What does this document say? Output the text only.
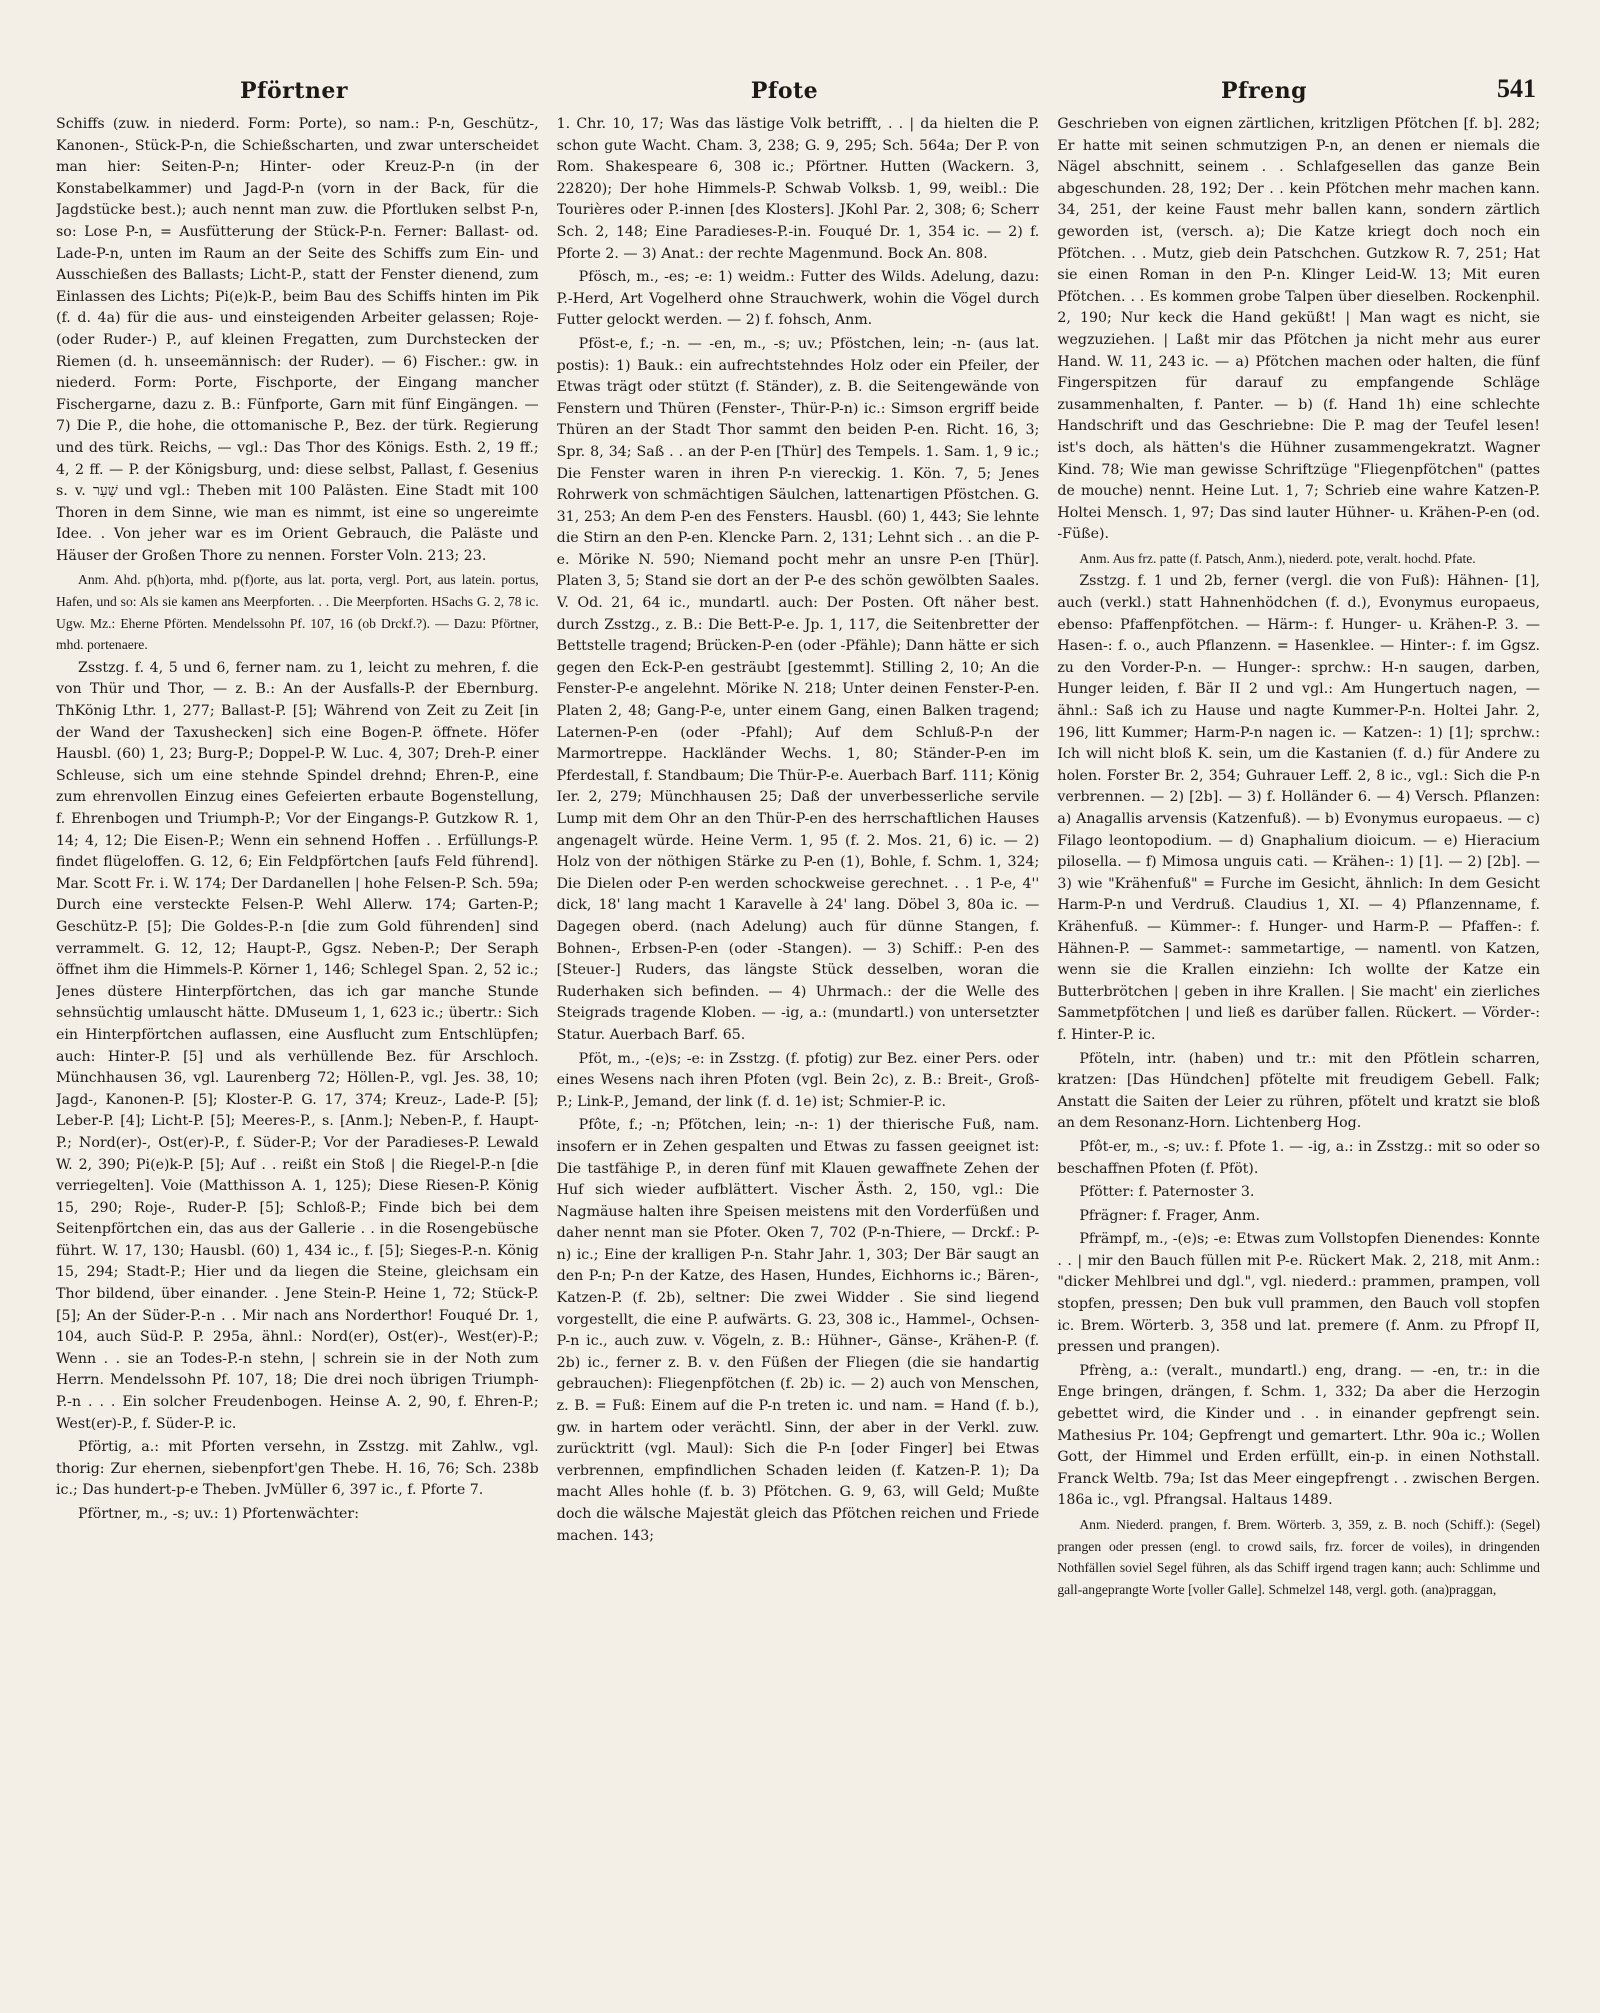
Pförtner	Pfote	Pfreng	541

Schiffs (zuw. in niederd. Form: Porte), so nam.: P-n, Geschütz-, Kanonen-, Stück-P-n, die Schießscharten, und zwar unterscheidet man hier: Seiten-P-n; Hinter- oder Kreuz-P-n (in der Konstabelkammer) und Jagd-P-n (vorn in der Back, für die Jagdstücke best.); auch nennt man zuw. die Pfortluken selbst P-n, so: Lose P-n, = Ausfütterung der Stück-P-n. Ferner: Ballast- od. Lade-P-n, unten im Raum an der Seite des Schiffs zum Ein- und Ausschießen des Ballasts; Licht-P., statt der Fenster dienend, zum Einlassen des Lichts; Pi(e)k-P., beim Bau des Schiffs hinten im Pik (f. d. 4a) für die aus- und einsteigenden Arbeiter gelassen; Roje- (oder Ruder-) P., auf kleinen Fregatten, zum Durchstecken der Riemen (d. h. unseemännisch: der Ruder). — 6) Fischer.: gw. in niederd. Form: Porte, Fischporte, der Eingang mancher Fischergarne, dazu z. B.: Fünfporte, Garn mit fünf Eingängen. — 7) Die P., die hohe, die ottomanische P., Bez. der türk. Regierung und des türk. Reichs, — vgl.: Das Thor des Königs. Esth. 2, 19 ff.; 4, 2 ff. — P. der Königsburg, und: diese selbst, Pallast, f. Gesenius s. v. שַׁעַר und vgl.: Theben mit 100 Palästen. Eine Stadt mit 100 Thoren in dem Sinne, wie man es nimmt, ist eine so ungereimte Idee. . Von jeher war es im Orient Gebrauch, die Paläste und Häuser der Großen Thore zu nennen. Forster Voln. 213; 23.

Anm. Ahd. p(h)orta, mhd. p(f)orte, aus lat. porta, vergl. Port, aus latein. portus, Hafen, und so: Als sie kamen ans Meerpforten. . . Die Meerpforten. HSachs G. 2, 78 ic. Ugw. Mz.: Eherne Pförten. Mendelssohn Pf. 107, 16 (ob Drckf.?). — Dazu: Pförtner, mhd. portenaere.

Zsstzg. f. 4, 5 und 6, ferner nam. zu 1, leicht zu mehren, f. die von Thür und Thor, — z. B.: An der Ausfalls-P. der Ebernburg. ThKönig Lthr. 1, 277; Ballast-P. [5]; Während von Zeit zu Zeit [in der Wand der Taxushecken] sich eine Bogen-P. öffnete. Höfer Hausbl. (60) 1, 23; Burg-P.; Doppel-P. W. Luc. 4, 307; Dreh-P. einer Schleuse, sich um eine stehnde Spindel drehnd; Ehren-P., eine zum ehrenvollen Einzug eines Gefeierten erbaute Bogenstellung, f. Ehrenbogen und Triumph-P.; Vor der Eingangs-P. Gutzkow R. 1, 14; 4, 12; Die Eisen-P.; Wenn ein sehnend Hoffen . . Erfüllungs-P. findet flügeloffen. G. 12, 6; Ein Feldpförtchen [aufs Feld führend]. Mar. Scott Fr. i. W. 174; Der Dardanellen | hohe Felsen-P. Sch. 59a; Durch eine versteckte Felsen-P. Wehl Allerw. 174; Garten-P.; Geschütz-P. [5]; Die Goldes-P.-n [die zum Gold führenden] sind verrammelt. G. 12, 12; Haupt-P., Ggsz. Neben-P.; Der Seraph öffnet ihm die Himmels-P. Körner 1, 146; Schlegel Span. 2, 52 ic.; Jenes düstere Hinterpförtchen, das ich gar manche Stunde sehnsüchtig umlauscht hätte. DMuseum 1, 1, 623 ic.; übertr.: Sich ein Hinterpförtchen auflassen, eine Ausflucht zum Entschlüpfen; auch: Hinter-P. [5] und als verhüllende Bez. für Arschloch. Münchhausen 36, vgl. Laurenberg 72; Höllen-P., vgl. Jes. 38, 10; Jagd-, Kanonen-P. [5]; Kloster-P. G. 17, 374; Kreuz-, Lade-P. [5]; Leber-P. [4]; Licht-P. [5]; Meeres-P., s. [Anm.]; Neben-P., f. Haupt-P.; Nord(er)-, Ost(er)-P., f. Süder-P.; Vor der Paradieses-P. Lewald W. 2, 390; Pi(e)k-P. [5]; Auf . . reißt ein Stoß | die Riegel-P.-n [die verriegelten]. Voie (Matthisson A. 1, 125); Diese Riesen-P. König 15, 290; Roje-, Ruder-P. [5]; Schloß-P.; Finde bich bei dem Seitenpförtchen ein, das aus der Gallerie . . in die Rosengebüsche führt. W. 17, 130; Hausbl. (60) 1, 434 ic., f. [5]; Sieges-P.-n. König 15, 294; Stadt-P.; Hier und da liegen die Steine, gleichsam ein Thor bildend, über einander. . Jene Stein-P. Heine 1, 72; Stück-P. [5]; An der Süder-P.-n . . Mir nach ans Norderthor! Fouqué Dr. 1, 104, auch Süd-P. P. 295a, ähnl.: Nord(er), Ost(er)-, West(er)-P.; Wenn . . sie an Todes-P.-n stehn, | schrein sie in der Noth zum Herrn. Mendelssohn Pf. 107, 18; Die drei noch übrigen Triumph-P.-n . . . Ein solcher Freudenbogen. Heinse A. 2, 90, f. Ehren-P.; West(er)-P., f. Süder-P. ic.

Pförtig, a.: mit Pforten versehn, in Zsstzg. mit Zahlw., vgl. thorig: Zur ehernen, siebenpfort'gen Thebe. H. 16, 76; Sch. 238b ic.; Das hundert-p-e Theben. JvMüller 6, 397 ic., f. Pforte 7.

Pförtner, m., -s; uv.: 1) Pfortenwächter:

1. Chr. 10, 17; Was das lästige Volk betrifft, . . | da hielten die P. schon gute Wacht. Cham. 3, 238; G. 9, 295; Sch. 564a; Der P. von Rom. Shakespeare 6, 308 ic.; Pförtner. Hutten (Wackern. 3, 22820); Der hohe Himmels-P. Schwab Volksb. 1, 99, weibl.: Die Tourières oder P.-innen [des Klosters]. JKohl Par. 2, 308; 6; Scherr Sch. 2, 148; Eine Paradieses-P.-in. Fouqué Dr. 1, 354 ic. — 2) f. Pforte 2. — 3) Anat.: der rechte Magenmund. Bock An. 808.

Pfösch, m., -es; -e: 1) weidm.: Futter des Wilds. Adelung, dazu: P.-Herd, Art Vogelherd ohne Strauchwerk, wohin die Vögel durch Futter gelockt werden. — 2) f. fohsch, Anm.

Pföst-e, f.; -n. — -en, m., -s; uv.; Pföstchen, lein; -n- (aus lat. postis): 1) Bauk.: ein aufrechtstehndes Holz oder ein Pfeiler, der Etwas trägt oder stützt (f. Ständer), z. B. die Seitengewände von Fenstern und Thüren (Fenster-, Thür-P-n) ic.: Simson ergriff beide Thüren an der Stadt Thor sammt den beiden P-en. Richt. 16, 3; Spr. 8, 34; Saß . . an der P-en [Thür] des Tempels. 1. Sam. 1, 9 ic.; Die Fenster waren in ihren P-n viereckig. 1. Kön. 7, 5; Jenes Rohrwerk von schmächtigen Säulchen, lattenartigen Pföstchen. G. 31, 253; An dem P-en des Fensters. Hausbl. (60) 1, 443; Sie lehnte die Stirn an den P-en. Klencke Parn. 2, 131; Lehnt sich . . an die P-e. Mörike N. 590; Niemand pocht mehr an unsre P-en [Thür]. Platen 3, 5; Stand sie dort an der P-e des schön gewölbten Saales. V. Od. 21, 64 ic., mundartl. auch: Der Posten. Oft näher best. durch Zsstzg., z. B.: Die Bett-P-e. Jp. 1, 117, die Seitenbretter der Bettstelle tragend; Brücken-P-en (oder -Pfähle); Dann hätte er sich gegen den Eck-P-en gesträubt [gestemmt]. Stilling 2, 10; An die Fenster-P-e angelehnt. Mörike N. 218; Unter deinen Fenster-P-en. Platen 2, 48; Gang-P-e, unter einem Gang, einen Balken tragend; Laternen-P-en (oder -Pfahl); Auf dem Schluß-P-n der Marmortreppe. Hackländer Wechs. 1, 80; Ständer-P-en im Pferdestall, f. Standbaum; Die Thür-P-e. Auerbach Barf. 111; König Ier. 2, 279; Münchhausen 25; Daß der unverbesserliche servile Lump mit dem Ohr an den Thür-P-en des herrschaftlichen Hauses angenagelt würde. Heine Verm. 1, 95 (f. 2. Mos. 21, 6) ic. — 2) Holz von der nöthigen Stärke zu P-en (1), Bohle, f. Schm. 1, 324; Die Dielen oder P-en werden schockweise gerechnet. . . 1 P-e, 4'' dick, 18' lang macht 1 Karavelle à 24' lang. Döbel 3, 80a ic. — Dagegen oberd. (nach Adelung) auch für dünne Stangen, f. Bohnen-, Erbsen-P-en (oder -Stangen). — 3) Schiff.: P-en des [Steuer-] Ruders, das längste Stück desselben, woran die Ruderhaken sich befinden. — 4) Uhrmach.: der die Welle des Steigrads tragende Kloben. — -ig, a.: (mundartl.) von untersetzter Statur. Auerbach Barf. 65.

Pföt, m., -(e)s; -e: in Zsstzg. (f. pfotig) zur Bez. einer Pers. oder eines Wesens nach ihren Pfoten (vgl. Bein 2c), z. B.: Breit-, Groß-P.; Link-P., Jemand, der link (f. d. 1e) ist; Schmier-P. ic.

Pfôte, f.; -n; Pfötchen, lein; -n-: 1) der thierische Fuß, nam. insofern er in Zehen gespalten und Etwas zu fassen geeignet ist: Die tastfähige P., in deren fünf mit Klauen gewaffnete Zehen der Huf sich wieder aufblättert. Vischer Ästh. 2, 150, vgl.: Die Nagmäuse halten ihre Speisen meistens mit den Vorderfüßen und daher nennt man sie Pfoter. Oken 7, 702 (P-n-Thiere, — Drckf.: P-n) ic.; Eine der kralligen P-n. Stahr Jahr. 1, 303; Der Bär saugt an den P-n; P-n der Katze, des Hasen, Hundes, Eichhorns ic.; Bären-, Katzen-P. (f. 2b), seltner: Die zwei Widder . Sie sind liegend vorgestellt, die eine P. aufwärts. G. 23, 308 ic., Hammel-, Ochsen-P-n ic., auch zuw. v. Vögeln, z. B.: Hühner-, Gänse-, Krähen-P. (f. 2b) ic., ferner z. B. v. den Füßen der Fliegen (die sie handartig gebrauchen): Fliegenpfötchen (f. 2b) ic. — 2) auch von Menschen, z. B. = Fuß: Einem auf die P-n treten ic. und nam. = Hand (f. b.), gw. in hartem oder verächtl. Sinn, der aber in der Verkl. zuw. zurücktritt (vgl. Maul): Sich die P-n [oder Finger] bei Etwas verbrennen, empfindlichen Schaden leiden (f. Katzen-P. 1); Da macht Alles hohle (f. b. 3) Pfötchen. G. 9, 63, will Geld; Mußte doch die wälsche Majestät gleich das Pfötchen reichen und Friede machen. 143;

Geschrieben von eignen zärtlichen, kritzligen Pfötchen [f. b]. 282; Er hatte mit seinen schmutzigen P-n, an denen er niemals die Nägel abschnitt, seinem . . Schlafgesellen das ganze Bein abgeschunden. 28, 192; Der . . kein Pfötchen mehr machen kann. 34, 251, der keine Faust mehr ballen kann, sondern zärtlich geworden ist, (versch. a); Die Katze kriegt doch noch ein Pfötchen. . . Mutz, gieb dein Patschchen. Gutzkow R. 7, 251; Hat sie einen Roman in den P-n. Klinger Leid-W. 13; Mit euren Pfötchen. . . Es kommen grobe Talpen über dieselben. Rockenphil. 2, 190; Nur keck die Hand geküßt! | Man wagt es nicht, sie wegzuziehen. | Laßt mir das Pfötchen ja nicht mehr aus eurer Hand. W. 11, 243 ic. — a) Pfötchen machen oder halten, die fünf Fingerspitzen für darauf zu empfangende Schläge zusammenhalten, f. Panter. — b) (f. Hand 1h) eine schlechte Handschrift und das Geschriebne: Die P. mag der Teufel lesen! ist's doch, als hätten's die Hühner zusammengekratzt. Wagner Kind. 78; Wie man gewisse Schriftzüge "Fliegenpfötchen" (pattes de mouche) nennt. Heine Lut. 1, 7; Schrieb eine wahre Katzen-P. Holtei Mensch. 1, 97; Das sind lauter Hühner- u. Krähen-P-en (od. -Füße).

Anm. Aus frz. patte (f. Patsch, Anm.), niederd. pote, veralt. hochd. Pfate.

Zsstzg. f. 1 und 2b, ferner (vergl. die von Fuß): Hähnen- [1], auch (verkl.) statt Hahnenhödchen (f. d.), Evonymus europaeus, ebenso: Pfaffenpfötchen. — Härm-: f. Hunger- u. Krähen-P. 3. — Hasen-: f. o., auch Pflanzenn. = Hasenklee. — Hinter-: f. im Ggsz. zu den Vorder-P-n. — Hunger-: sprchw.: H-n saugen, darben, Hunger leiden, f. Bär II 2 und vgl.: Am Hungertuch nagen, — ähnl.: Saß ich zu Hause und nagte Kummer-P-n. Holtei Jahr. 2, 196, litt Kummer; Harm-P-n nagen ic. — Katzen-: 1) [1]; sprchw.: Ich will nicht bloß K. sein, um die Kastanien (f. d.) für Andere zu holen. Forster Br. 2, 354; Guhrauer Leff. 2, 8 ic., vgl.: Sich die P-n verbrennen. — 2) [2b]. — 3) f. Holländer 6. — 4) Versch. Pflanzen: a) Anagallis arvensis (Katzenfuß). — b) Evonymus europaeus. — c) Filago leontopodium. — d) Gnaphalium dioicum. — e) Hieracium pilosella. — f) Mimosa unguis cati. — Krähen-: 1) [1]. — 2) [2b]. — 3) wie "Krähenfuß" = Furche im Gesicht, ähnlich: In dem Gesicht Harm-P-n und Verdruß. Claudius 1, XI. — 4) Pflanzenname, f. Krähenfuß. — Kümmer-: f. Hunger- und Harm-P. — Pfaffen-: f. Hähnen-P. — Sammet-: sammetartige, — namentl. von Katzen, wenn sie die Krallen einziehn: Ich wollte der Katze ein Butterbrötchen | geben in ihre Krallen. | Sie macht' ein zierliches Sammetpfötchen | und ließ es darüber fallen. Rückert. — Vörder-: f. Hinter-P. ic.

Pföteln, intr. (haben) und tr.: mit den Pfötlein scharren, kratzen: [Das Hündchen] pfötelte mit freudigem Gebell. Falk; Anstatt die Saiten der Leier zu rühren, pfötelt und kratzt sie bloß an dem Resonanz-Horn. Lichtenberg Hog.

Pfôt-er, m., -s; uv.: f. Pfote 1. — -ig, a.: in Zsstzg.: mit so oder so beschaffnen Pfoten (f. Pföt).

Pfötter: f. Paternoster 3.

Pfrägner: f. Frager, Anm.

Pfrämpf, m., -(e)s; -e: Etwas zum Vollstopfen Dienendes: Konnte . . | mir den Bauch füllen mit P-e. Rückert Mak. 2, 218, mit Anm.: "dicker Mehlbrei und dgl.", vgl. niederd.: prammen, prampen, voll stopfen, pressen; Den buk vull prammen, den Bauch voll stopfen ic. Brem. Wörterb. 3, 358 und lat. premere (f. Anm. zu Pfropf II, pressen und prangen).

Pfrèng, a.: (veralt., mundartl.) eng, drang. — -en, tr.: in die Enge bringen, drängen, f. Schm. 1, 332; Da aber die Herzogin gebettet wird, die Kinder und . . in einander gepfrengt sein. Mathesius Pr. 104; Gepfrengt und gemartert. Lthr. 90a ic.; Wollen Gott, der Himmel und Erden erfüllt, ein-p. in einen Nothstall. Franck Weltb. 79a; Ist das Meer eingepfrengt . . zwischen Bergen. 186a ic., vgl. Pfrangsal. Haltaus 1489.

Anm. Niederd. prangen, f. Brem. Wörterb. 3, 359, z. B. noch (Schiff.): (Segel) prangen oder pressen (engl. to crowd sails, frz. forcer de voiles), in dringenden Nothfällen soviel Segel führen, als das Schiff irgend tragen kann; auch: Schlimme und gall-angeprangte Worte [voller Galle]. Schmelzel 148, vergl. goth. (ana)praggan,
